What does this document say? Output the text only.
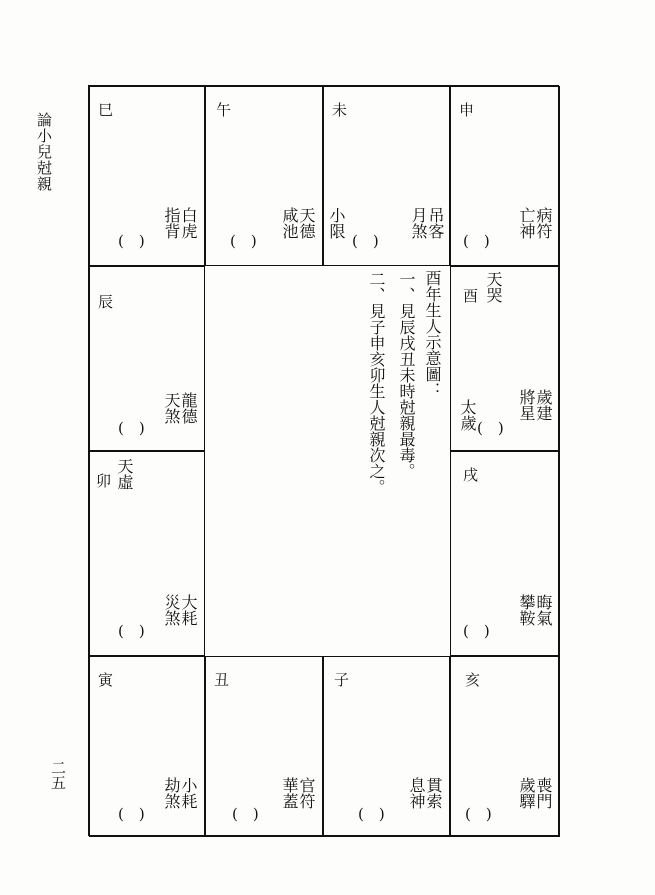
論小兒尅親
二五
巳
白虎
指背
(　)
午
天德
咸池
(　)
未
吊客
月煞
小限
(　)
申
病符
亡神
(　)
辰
龍德
天煞
(　)
天虛
卯
大耗
災煞
(　)
酉年生人示意圖：
一、見辰戌丑未時尅親最毒。
二、見子申亥卯生人尅親次之。	天哭
酉
歲建
將星
太歲 (　)
戌
晦氣
攀鞍
(　)
寅
小耗
劫煞
(　)
丑
官符
華蓋
(　)
子
貫索
息神
(　)
亥
喪門
歲驛
(　)
